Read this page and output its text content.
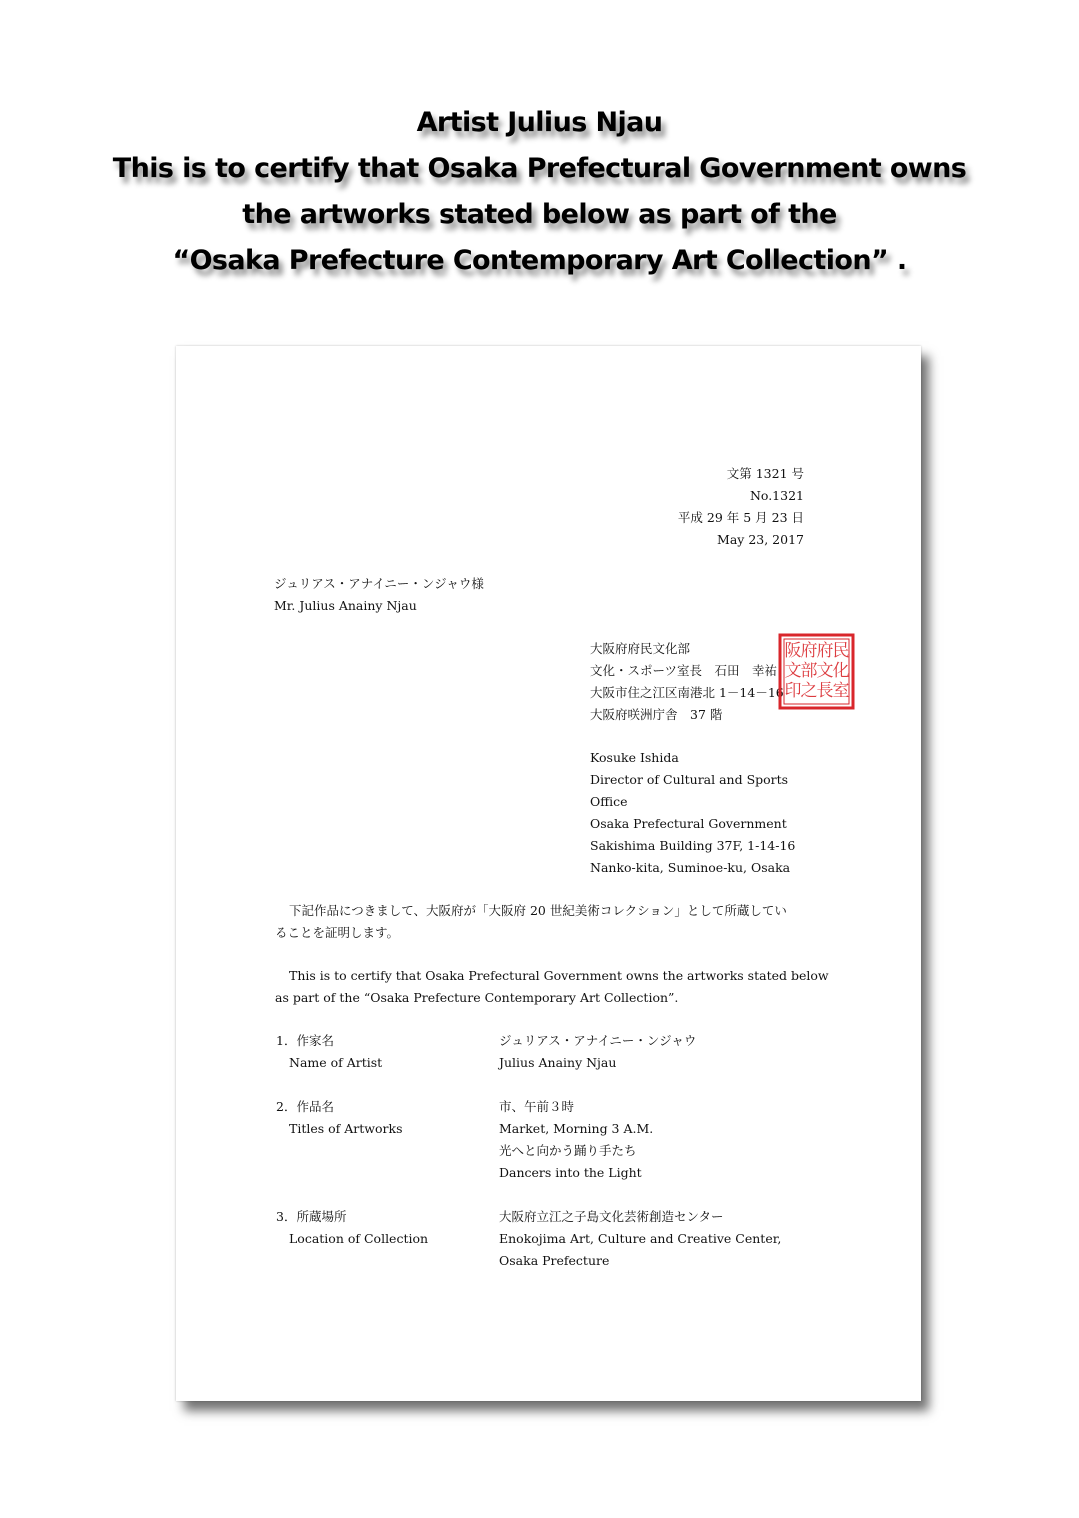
Artist Julius Njau
This is to certify that Osaka Prefectural Government owns
the artworks stated below as part of the
“Osaka Prefecture Contemporary Art Collection” .
文第 1321 号
No.1321
平成 29 年 5 月 23 日
May 23, 2017
ジュリアス・アナイニー・ンジャウ様
Mr. Julius Anainy Njau
大阪府府民文化部
文化・スポーツ室長　石田　幸祐
大阪市住之江区南港北 1－14－16
大阪府咲洲庁舎　37 階
民
化
室
府
文
長
府
部
之
阪
文
印
Kosuke Ishida
Director of Cultural and Sports
Office
Osaka Prefectural Government
Sakishima Building 37F, 1-14-16
Nanko-kita, Suminoe-ku, Osaka
下記作品につきまして、大阪府が「大阪府 20 世紀美術コレクション」として所蔵してい
ることを証明します。
This is to certify that Osaka Prefectural Government owns the artworks stated below
as part of the “Osaka Prefecture Contemporary Art Collection”.
1．作家名
Name of Artist
ジュリアス・アナイニー・ンジャウ
Julius Anainy Njau
2．作品名
Titles of Artworks
市、午前３時
Market, Morning 3 A.M.
光へと向かう踊り手たち
Dancers into the Light
3．所蔵場所
Location of Collection
大阪府立江之子島文化芸術創造センター
Enokojima Art, Culture and Creative Center,
Osaka Prefecture
